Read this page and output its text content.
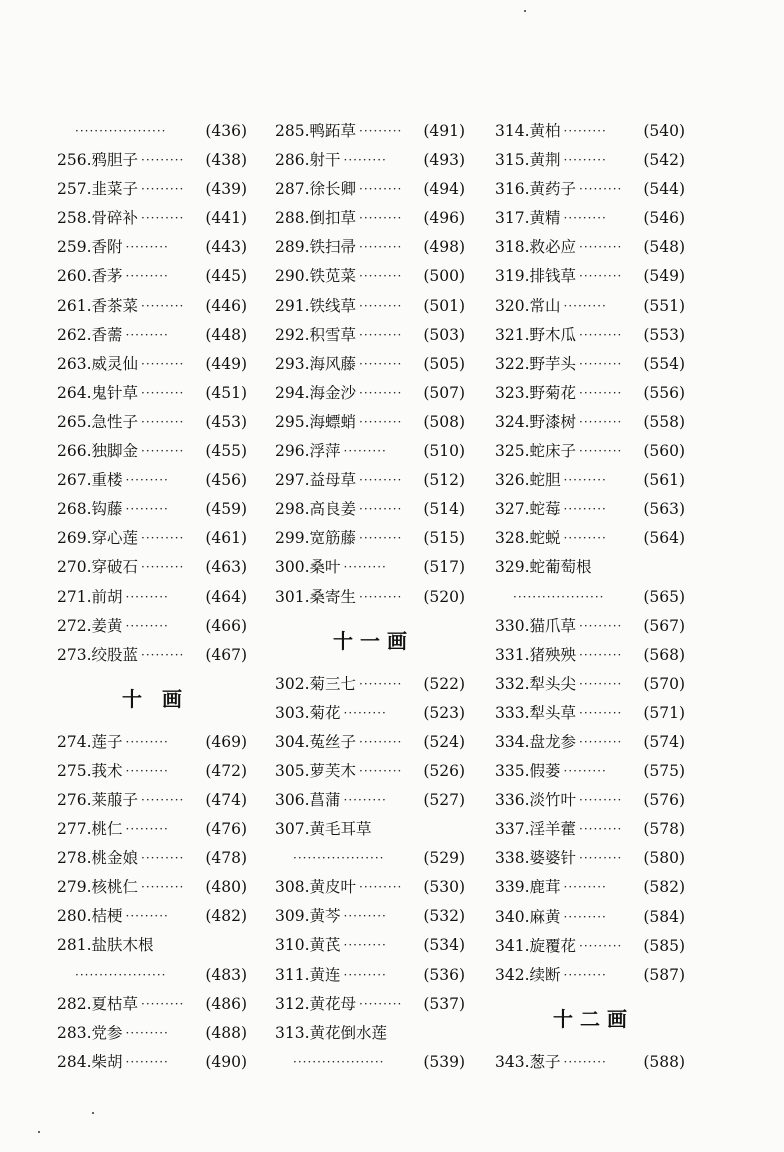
···················	(436)
256.鸦胆子 ·········	(438)
257.韭菜子 ·········	(439)
258.骨碎补 ·········	(441)
259.香附 ·········	(443)
260.香茅 ·········	(445)
261.香茶菜 ·········	(446)
262.香薷 ·········	(448)
263.威灵仙 ·········	(449)
264.鬼针草 ·········	(451)
265.急性子 ·········	(453)
266.独脚金 ·········	(455)
267.重楼 ·········	(456)
268.钩藤 ·········	(459)
269.穿心莲 ·········	(461)
270.穿破石 ·········	(463)
271.前胡 ·········	(464)
272.姜黄 ·········	(466)
273.绞股蓝 ·········	(467)
十　画
274.莲子 ·········	(469)
275.莪术 ·········	(472)
276.莱菔子 ·········	(474)
277.桃仁 ·········	(476)
278.桃金娘 ·········	(478)
279.核桃仁 ·········	(480)
280.桔梗 ·········	(482)
281.盐肤木根
···················	(483)
282.夏枯草 ·········	(486)
283.党参 ·········	(488)
284.柴胡 ·········	(490)
285.鸭跖草 ·········	(491)
286.射干 ·········	(493)
287.徐长卿 ·········	(494)
288.倒扣草 ·········	(496)
289.铁扫帚 ·········	(498)
290.铁苋菜 ·········	(500)
291.铁线草 ·········	(501)
292.积雪草 ·········	(503)
293.海风藤 ·········	(505)
294.海金沙 ·········	(507)
295.海螵蛸 ·········	(508)
296.浮萍 ·········	(510)
297.益母草 ·········	(512)
298.高良姜 ·········	(514)
299.宽筋藤 ·········	(515)
300.桑叶 ·········	(517)
301.桑寄生 ·········	(520)
十 一 画
302.菊三七 ·········	(522)
303.菊花 ·········	(523)
304.菟丝子 ·········	(524)
305.萝芙木 ·········	(526)
306.菖蒲 ·········	(527)
307.黄毛耳草
···················	(529)
308.黄皮叶 ·········	(530)
309.黄芩 ·········	(532)
310.黄芪 ·········	(534)
311.黄连 ·········	(536)
312.黄花母 ·········	(537)
313.黄花倒水莲
···················	(539)
314.黄柏 ·········	(540)
315.黄荆 ·········	(542)
316.黄药子 ·········	(544)
317.黄精 ·········	(546)
318.救必应 ·········	(548)
319.排钱草 ·········	(549)
320.常山 ·········	(551)
321.野木瓜 ·········	(553)
322.野芋头 ·········	(554)
323.野菊花 ·········	(556)
324.野漆树 ·········	(558)
325.蛇床子 ·········	(560)
326.蛇胆 ·········	(561)
327.蛇莓 ·········	(563)
328.蛇蜕 ·········	(564)
329.蛇葡萄根
···················	(565)
330.猫爪草 ·········	(567)
331.猪殃殃 ·········	(568)
332.犁头尖 ·········	(570)
333.犁头草 ·········	(571)
334.盘龙参 ·········	(574)
335.假蒌 ·········	(575)
336.淡竹叶 ·········	(576)
337.淫羊藿 ·········	(578)
338.婆婆针 ·········	(580)
339.鹿茸 ·········	(582)
340.麻黄 ·········	(584)
341.旋覆花 ·········	(585)
342.续断 ·········	(587)
十 二 画
343.葱子 ·········	(588)
